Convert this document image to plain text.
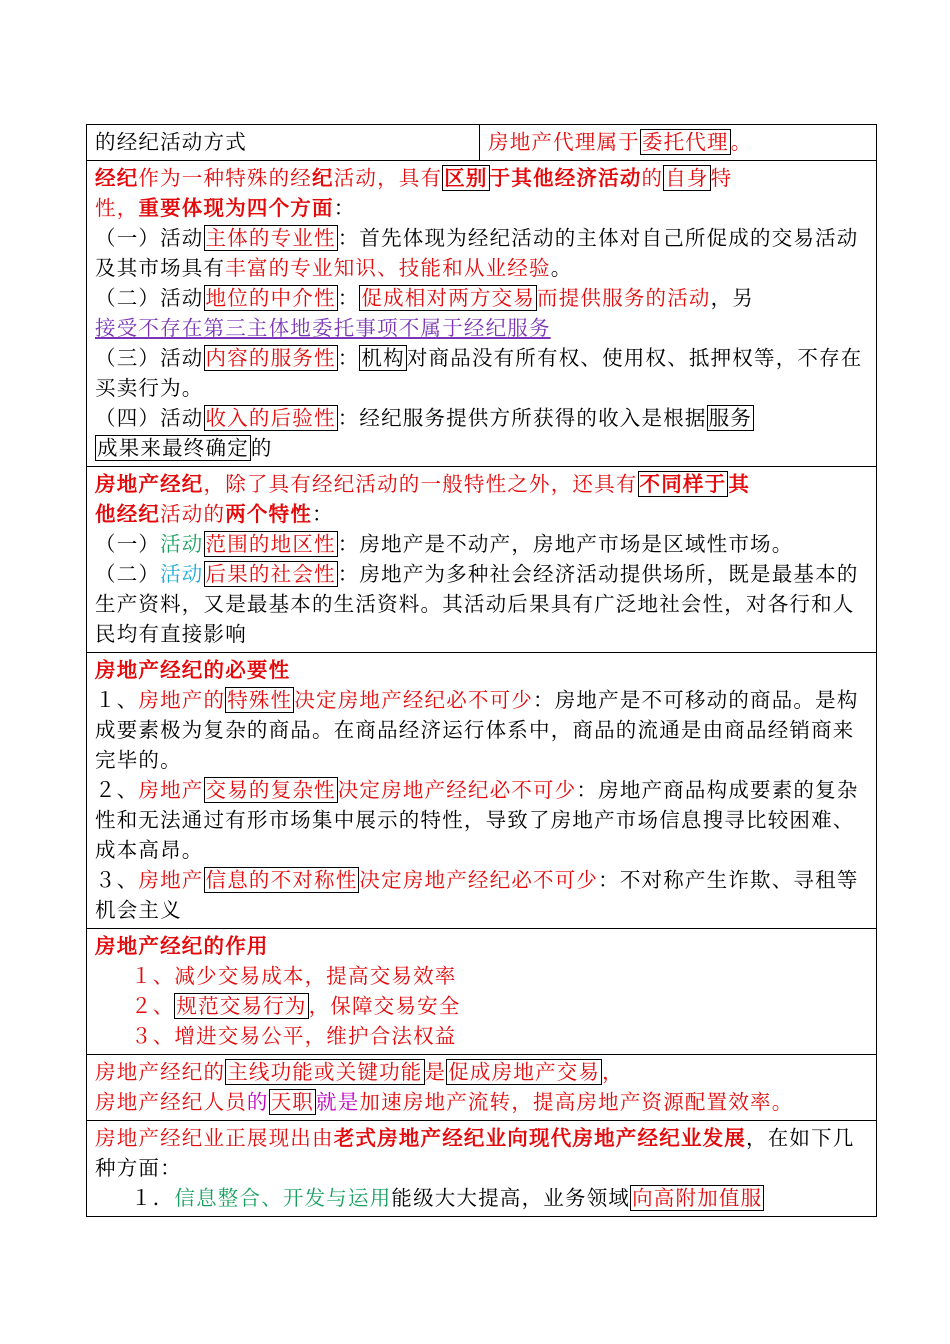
的经纪活动方式	房地产代理属于委托代理。

经纪作为一种特殊的经纪活动，具有区别于其他经济活动的自身特
性，重要体现为四个方面：
（一）活动主体的专业性：首先体现为经纪活动的主体对自己所促成的交易活动及其市场具有丰富的专业知识、技能和从业经验。
（二）活动地位的中介性：促成相对两方交易而提供服务的活动，另
接受不存在第三主体地委托事项不属于经纪服务
（三）活动内容的服务性：机构对商品没有所有权、使用权、抵押权等，不存在买卖行为。
（四）活动收入的后验性：经纪服务提供方所获得的收入是根据服务
成果来最终确定的

房地产经纪，除了具有经纪活动的一般特性之外，还具有不同样于其
他经纪活动的两个特性：
（一）活动范围的地区性：房地产是不动产，房地产市场是区域性市场。
（二）活动后果的社会性：房地产为多种社会经济活动提供场所，既是最基本的生产资料，又是最基本的生活资料。其活动后果具有广泛地社会性，对各行和人民均有直接影响

房地产经纪的必要性
１、房地产的特殊性决定房地产经纪必不可少：房地产是不可移动的商品。是构成要素极为复杂的商品。在商品经济运行体系中，商品的流通是由商品经销商来完毕的。
２、房地产交易的复杂性决定房地产经纪必不可少：房地产商品构成要素的复杂性和无法通过有形市场集中展示的特性，导致了房地产市场信息搜寻比较困难、成本高昂。
３、房地产信息的不对称性决定房地产经纪必不可少：不对称产生诈欺、寻租等机会主义

房地产经纪的作用
１、减少交易成本，提高交易效率
２、规范交易行为，保障交易安全
３、增进交易公平，维护合法权益

房地产经纪的主线功能或关键功能是促成房地产交易，
房地产经纪人员的天职就是加速房地产流转，提高房地产资源配置效率。

房地产经纪业正展现出由老式房地产经纪业向现代房地产经纪业发展，在如下几种方面：
１．信息整合、开发与运用能级大大提高，业务领域向高附加值服
